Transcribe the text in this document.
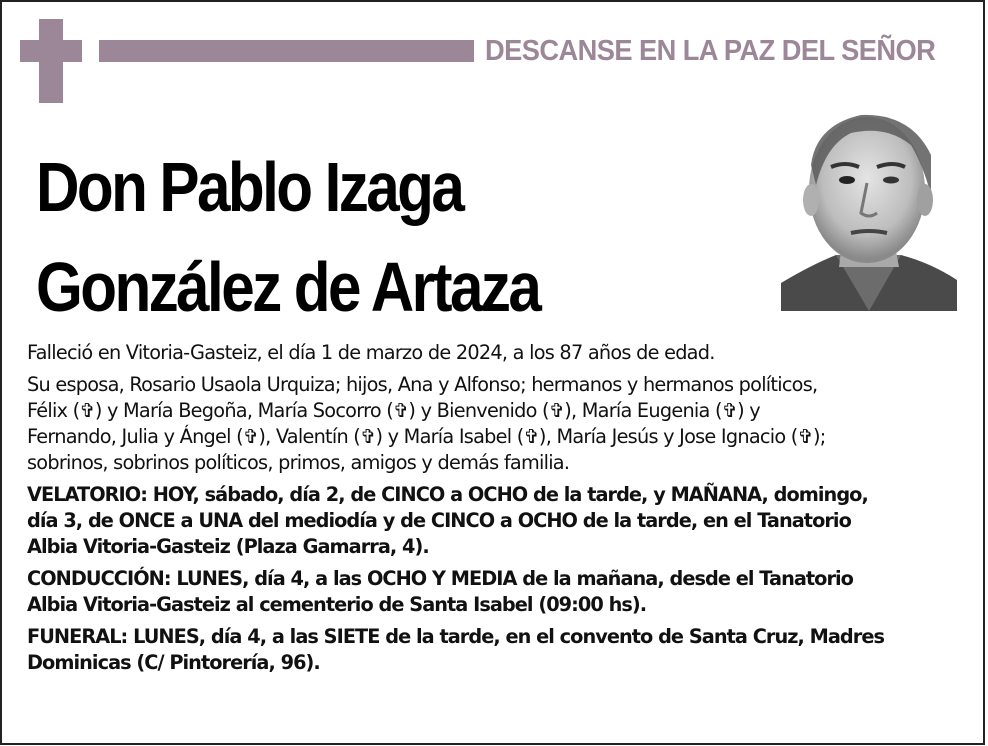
DESCANSE EN LA PAZ DEL SEÑOR
Don Pablo Izaga
González de Artaza

Falleció en Vitoria-Gasteiz, el día 1 de marzo de 2024, a los 87 años de edad.

Su esposa, Rosario Usaola Urquiza; hijos, Ana y Alfonso; hermanos y hermanos políticos,
Félix (✞) y María Begoña, María Socorro (✞) y Bienvenido (✞), María Eugenia (✞) y
Fernando, Julia y Ángel (✞), Valentín (✞) y María Isabel (✞), María Jesús y Jose Ignacio (✞);
sobrinos, sobrinos políticos, primos, amigos y demás familia.

VELATORIO: HOY, sábado, día 2, de CINCO a OCHO de la tarde, y MAÑANA, domingo,
día 3, de ONCE a UNA del mediodía y de CINCO a OCHO de la tarde, en el Tanatorio
Albia Vitoria-Gasteiz (Plaza Gamarra, 4).

CONDUCCIÓN: LUNES, día 4, a las OCHO Y MEDIA de la mañana, desde el Tanatorio
Albia Vitoria-Gasteiz al cementerio de Santa Isabel (09:00 hs).

FUNERAL: LUNES, día 4, a las SIETE de la tarde, en el convento de Santa Cruz, Madres
Dominicas (C/ Pintorería, 96).
